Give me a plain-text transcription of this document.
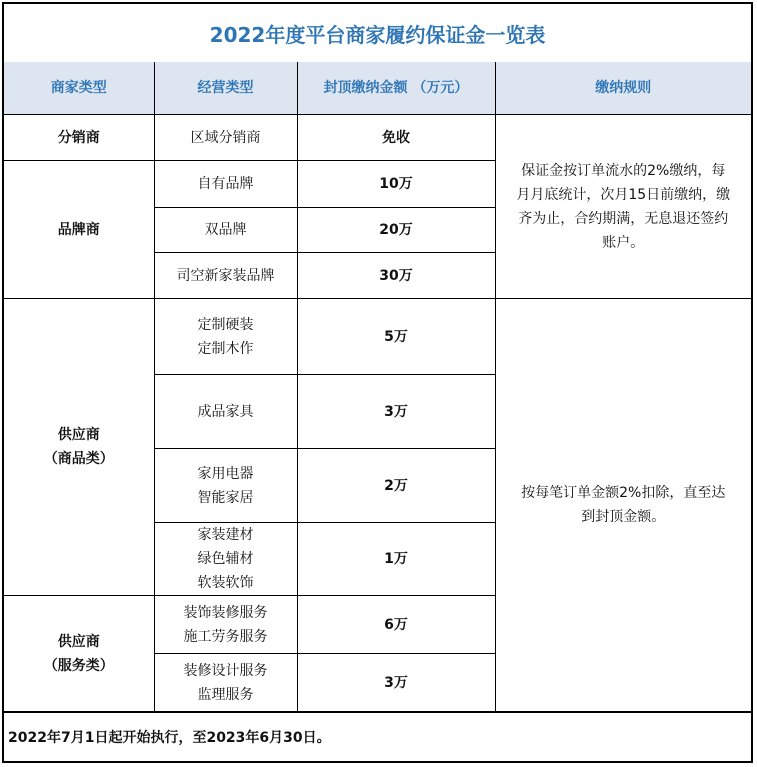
2022年度平台商家履约保证金一览表
商家类型	经营类型	封顶缴纳金额 （万元）	缴纳规则

分销商	区域分销商	免收	保证金按订单流水的2%缴纳，每
月月底统计，次月15日前缴纳，缴
齐为止，合约期满，无息退还签约
账户。

品牌商	自有品牌	10万	

	双品牌	20万	

	司空新家装品牌	30万	

供应商
（商品类）	定制硬装
定制木作	5万	按每笔订单金额2%扣除，直至达
到封顶金额。

	成品家具	3万	

	家用电器
智能家居	2万	

	家装建材
绿色辅材
软装软饰	1万	

供应商
（服务类）	装饰装修服务
施工劳务服务	6万	

	装修设计服务
监理服务	3万	
2022年7月1日起开始执行，至2023年6月30日。
